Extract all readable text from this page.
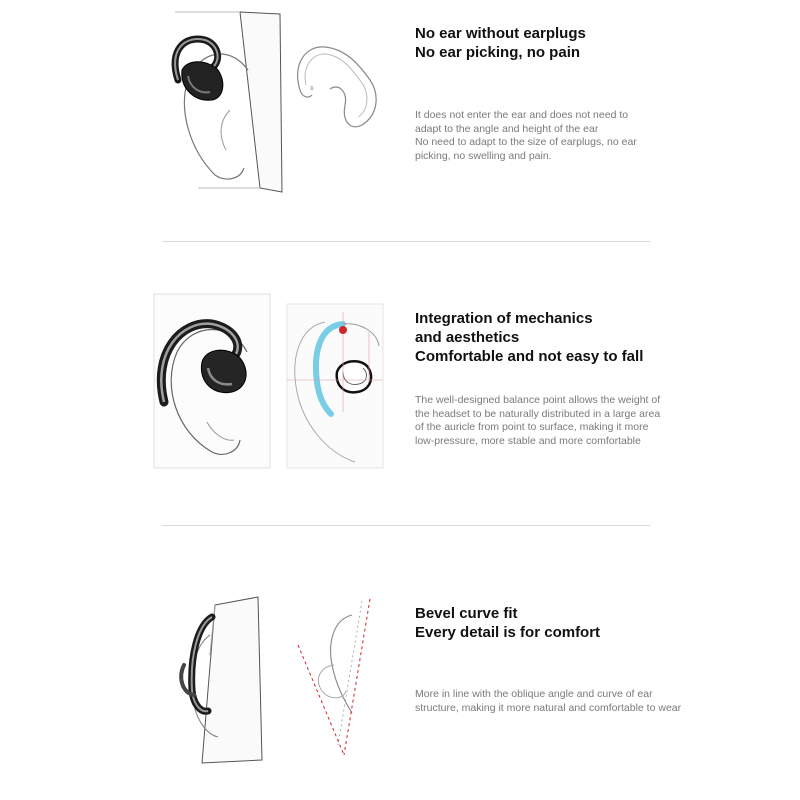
≡

No ear without earplugs
No ear picking, no pain

It does not enter the ear and does not need to
adapt to the angle and height of the ear
No need to adapt to the size of earplugs, no ear
picking, no swelling and pain.

Integration of mechanics
and aesthetics
Comfortable and not easy to fall

The well-designed balance point allows the weight of
the headset to be naturally distributed in a large area
of the auricle from point to surface, making it more
low-pressure, more stable and more comfortable

Bevel curve fit
Every detail is for comfort

More in line with the oblique angle and curve of ear
structure, making it more natural and comfortable to wear
